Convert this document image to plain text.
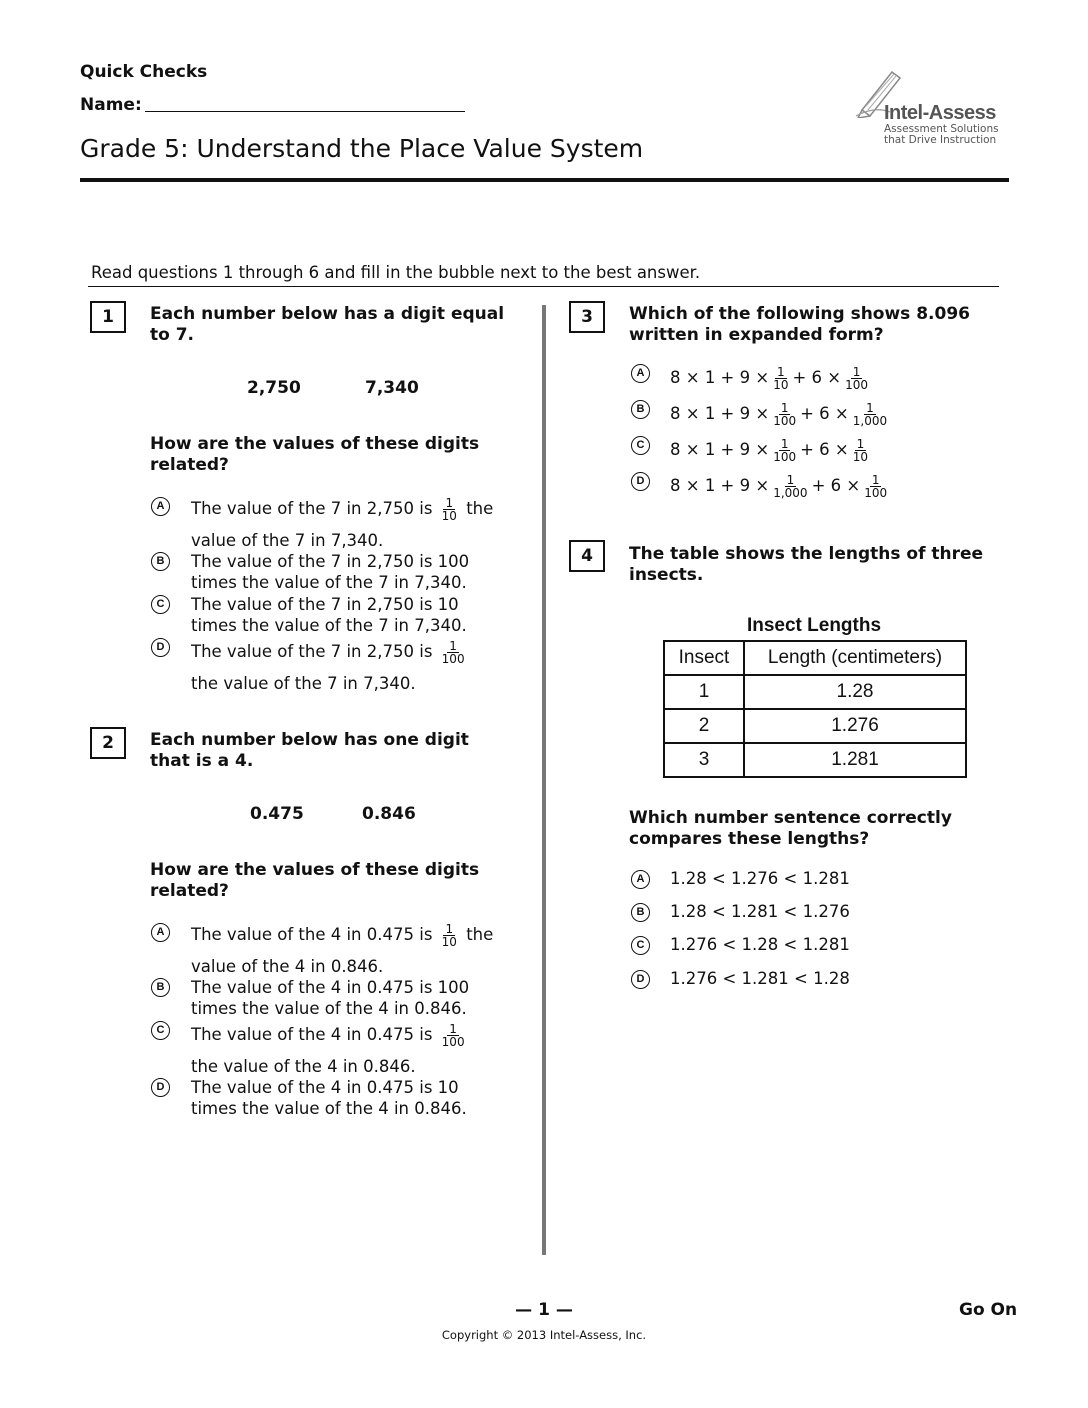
Quick Checks
Name:
Grade 5: Understand the Place Value System
Intel-Assess
Assessment Solutions
that Drive Instruction
Read questions 1 through 6 and fill in the bubble next to the best answer.
1	Each number below has a digit equal to 7.
2,750	7,340
How are the values of these digits related?
A	The value of the 7 in 2,750 is $\frac{1}{10}$ the
value of the 7 in 7,340.
B	The value of the 7 in 2,750 is 100
times the value of the 7 in 7,340.
C	The value of the 7 in 2,750 is 10
times the value of the 7 in 7,340.
D	The value of the 7 in 2,750 is $\frac{1}{100}$
the value of the 7 in 7,340.
2	Each number below has one digit that is a 4.
0.475	0.846
How are the values of these digits related?
A	The value of the 4 in 0.475 is $\frac{1}{10}$ the
value of the 4 in 0.846.
B	The value of the 4 in 0.475 is 100
times the value of the 4 in 0.846.
C	The value of the 4 in 0.475 is $\frac{1}{100}$
the value of the 4 in 0.846.
D	The value of the 4 in 0.475 is 10
times the value of the 4 in 0.846.
3	Which of the following shows 8.096 written in expanded form?
A	$8 \times 1 + 9 \times \frac{1}{10} + 6 \times \frac{1}{100}$
B	$8 \times 1 + 9 \times \frac{1}{100} + 6 \times \frac{1}{1,000}$
C	$8 \times 1 + 9 \times \frac{1}{100} + 6 \times \frac{1}{10}$
D	$8 \times 1 + 9 \times \frac{1}{1,000} + 6 \times \frac{1}{100}$
4	The table shows the lengths of three insects.
Insect Lengths
Insect	Length (centimeters)
1	1.28
2	1.276
3	1.281
Which number sentence correctly compares these lengths?
A	1.28 < 1.276 < 1.281
B	1.28 < 1.281 < 1.276
C	1.276 < 1.28 < 1.281
D	1.276 < 1.281 < 1.28
— 1 —	Go On
Copyright © 2013 Intel-Assess, Inc.
